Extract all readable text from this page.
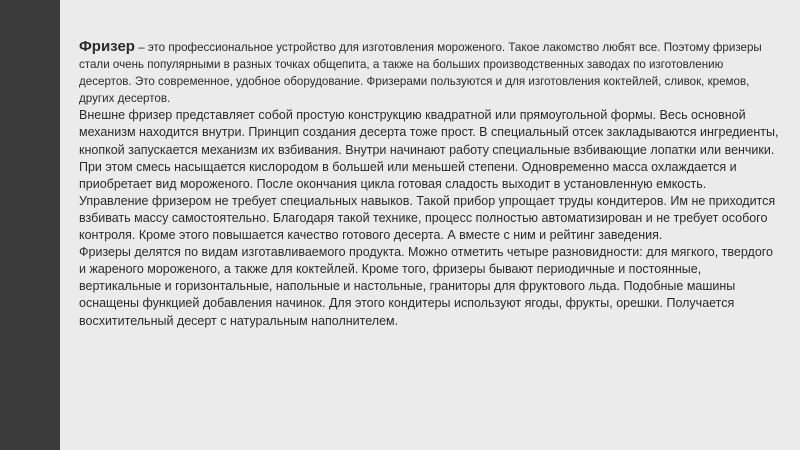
Фризер – это профессиональное устройство для изготовления мороженого. Такое лакомство любят все. Поэтому фризеры стали очень популярными в разных точках общепита, а также на больших производственных заводах по изготовлению десертов. Это современное, удобное оборудование. Фризерами пользуются и для изготовления коктейлей, сливок, кремов, других десертов.

Внешне фризер представляет собой простую конструкцию квадратной или прямоугольной формы. Весь основной механизм находится внутри. Принцип создания десерта тоже прост. В специальный отсек закладываются ингредиенты, кнопкой запускается механизм их взбивания. Внутри начинают работу специальные взбивающие лопатки или венчики. При этом смесь насыщается кислородом в большей или меньшей степени. Одновременно масса охлаждается и приобретает вид мороженого. После окончания цикла готовая сладость выходит в установленную емкость.

Управление фризером не требует специальных навыков. Такой прибор упрощает труды кондитеров. Им не приходится взбивать массу самостоятельно. Благодаря такой технике, процесс полностью автоматизирован и не требует особого контроля. Кроме этого повышается качество готового десерта. А вместе с ним и рейтинг заведения.

Фризеры делятся по видам изготавливаемого продукта. Можно отметить четыре разновидности: для мягкого, твердого и жареного мороженого, а также для коктейлей. Кроме того, фризеры бывают периодичные и постоянные, вертикальные и горизонтальные, напольные и настольные, граниторы для фруктового льда. Подобные машины оснащены функцией добавления начинок. Для этого кондитеры используют ягоды, фрукты, орешки. Получается восхитительный десерт с натуральным наполнителем.
